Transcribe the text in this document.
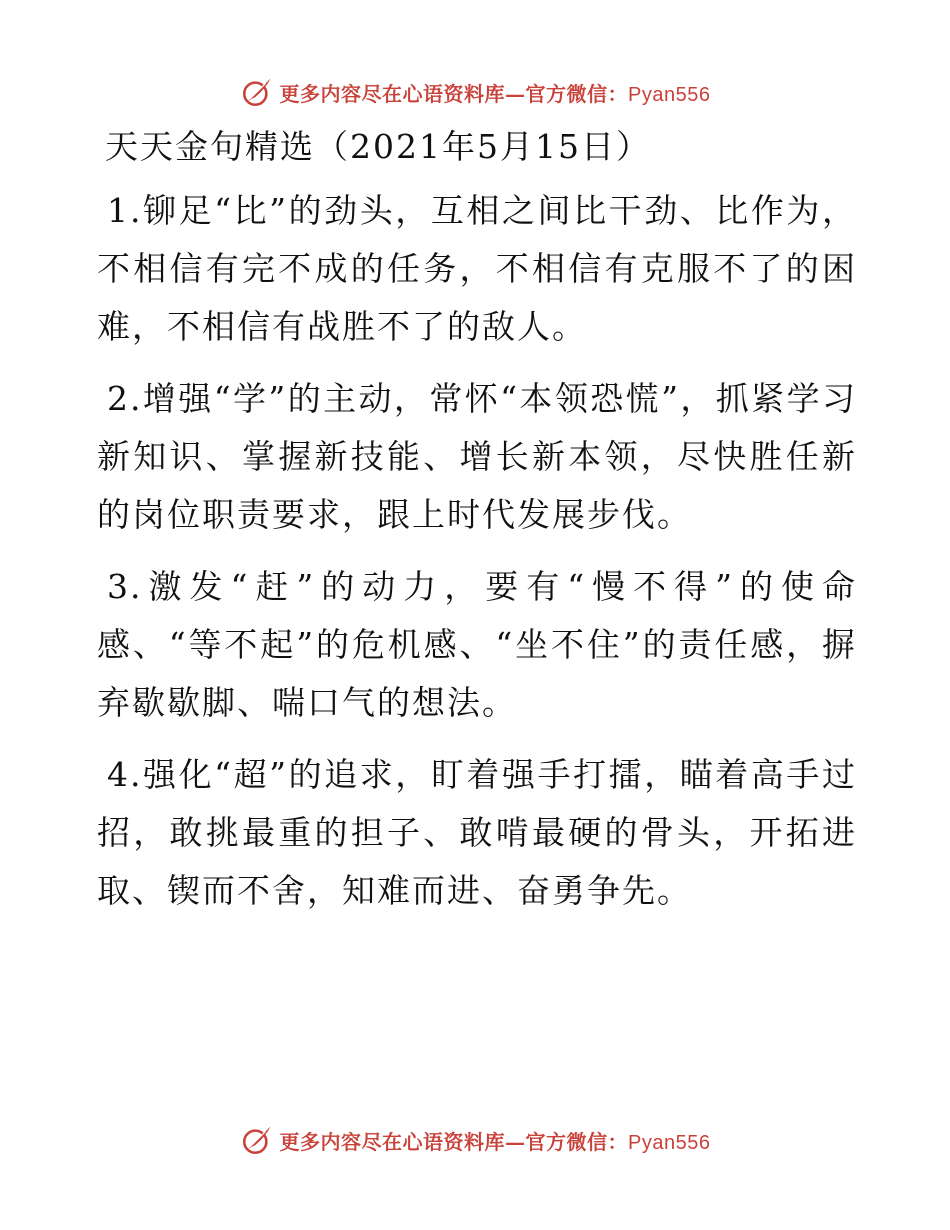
更多内容尽在心语资料库—官方微信：Pyan556
天天金句精选（2021年5月15日）

1.铆足“比”的劲头，互相之间比干劲、比作为，不相信有完不成的任务，不相信有克服不了的困难，不相信有战胜不了的敌人。

2.增强“学”的主动，常怀“本领恐慌”，抓紧学习新知识、掌握新技能、增长新本领，尽快胜任新的岗位职责要求，跟上时代发展步伐。

3.激发“赶”的动力，要有“慢不得”的使命感、“等不起”的危机感、“坐不住”的责任感，摒弃歇歇脚、喘口气的想法。

4.强化“超”的追求，盯着强手打擂，瞄着高手过招，敢挑最重的担子、敢啃最硬的骨头，开拓进取、锲而不舍，知难而进、奋勇争先。

更多内容尽在心语资料库—官方微信：Pyan556
